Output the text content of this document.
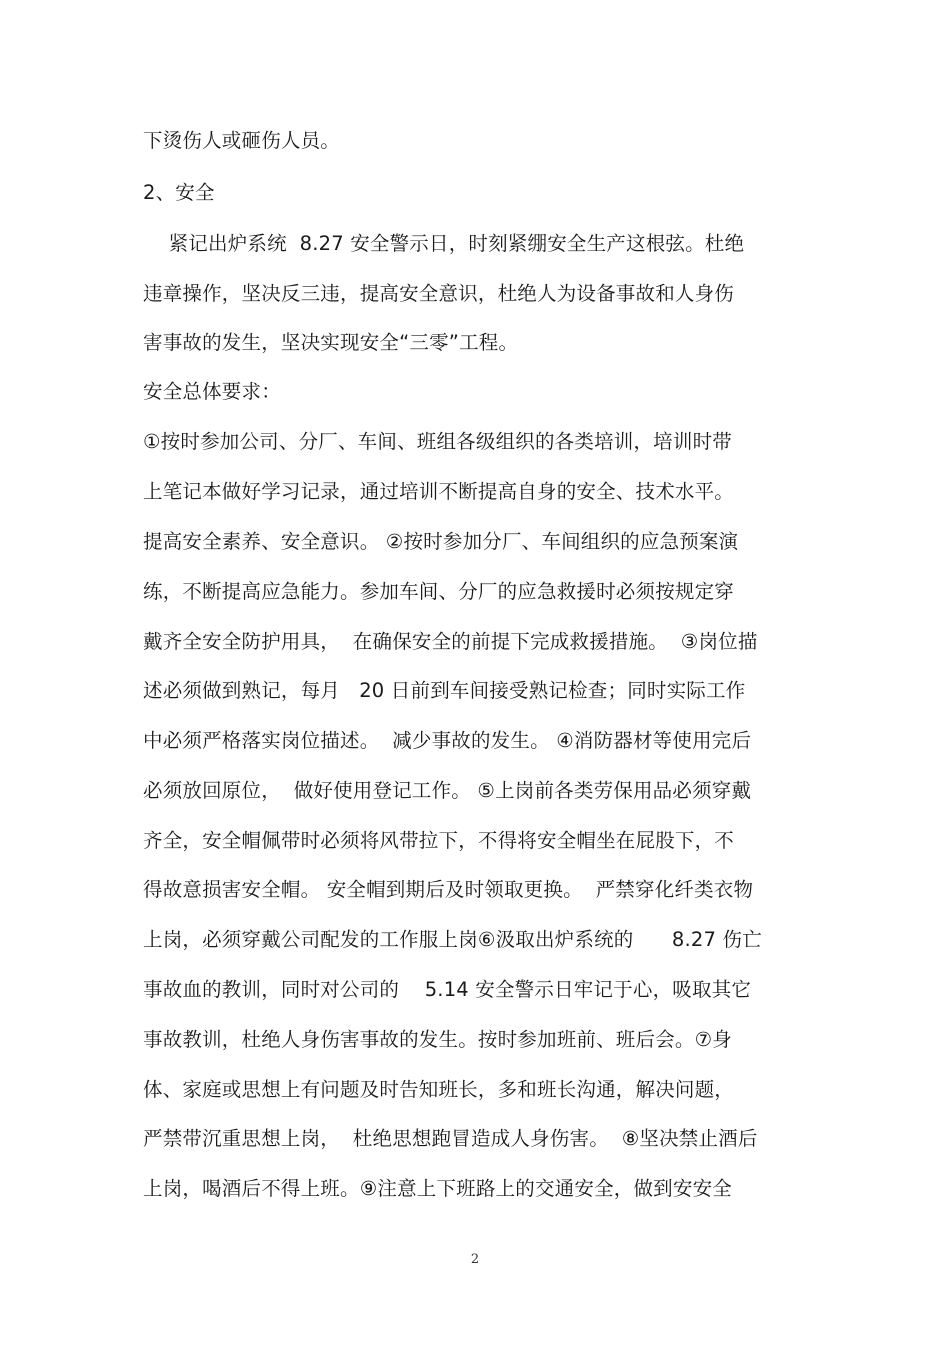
下烫伤人或砸伤人员。
2、安全
紧记出炉系统  8.27 安全警示日，时刻紧绷安全生产这根弦。杜绝
违章操作，坚决反三违，提高安全意识，杜绝人为设备事故和人身伤
害事故的发生，坚决实现安全“三零”工程。
安全总体要求：
①按时参加公司、分厂、车间、班组各级组织的各类培训，培训时带
上笔记本做好学习记录，通过培训不断提高自身的安全、技术水平。
提高安全素养、安全意识。 ②按时参加分厂、车间组织的应急预案演
练，不断提高应急能力。参加车间、分厂的应急救援时必须按规定穿
戴齐全安全防护用具，  在确保安全的前提下完成救援措施。  ③岗位描
述必须做到熟记，每月   20 日前到车间接受熟记检查；同时实际工作
中必须严格落实岗位描述。  减少事故的发生。 ④消防器材等使用完后
必须放回原位，  做好使用登记工作。 ⑤上岗前各类劳保用品必须穿戴
齐全，安全帽佩带时必须将风带拉下，不得将安全帽坐在屁股下，不
得故意损害安全帽。 安全帽到期后及时领取更换。  严禁穿化纤类衣物
上岗，必须穿戴公司配发的工作服上岗⑥汲取出炉系统的      8.27 伤亡
事故血的教训，同时对公司的    5.14 安全警示日牢记于心，吸取其它
事故教训，杜绝人身伤害事故的发生。按时参加班前、班后会。⑦身
体、家庭或思想上有问题及时告知班长，多和班长沟通，解决问题，
严禁带沉重思想上岗，  杜绝思想跑冒造成人身伤害。  ⑧坚决禁止酒后
上岗，喝酒后不得上班。⑨注意上下班路上的交通安全，做到安安全
2
